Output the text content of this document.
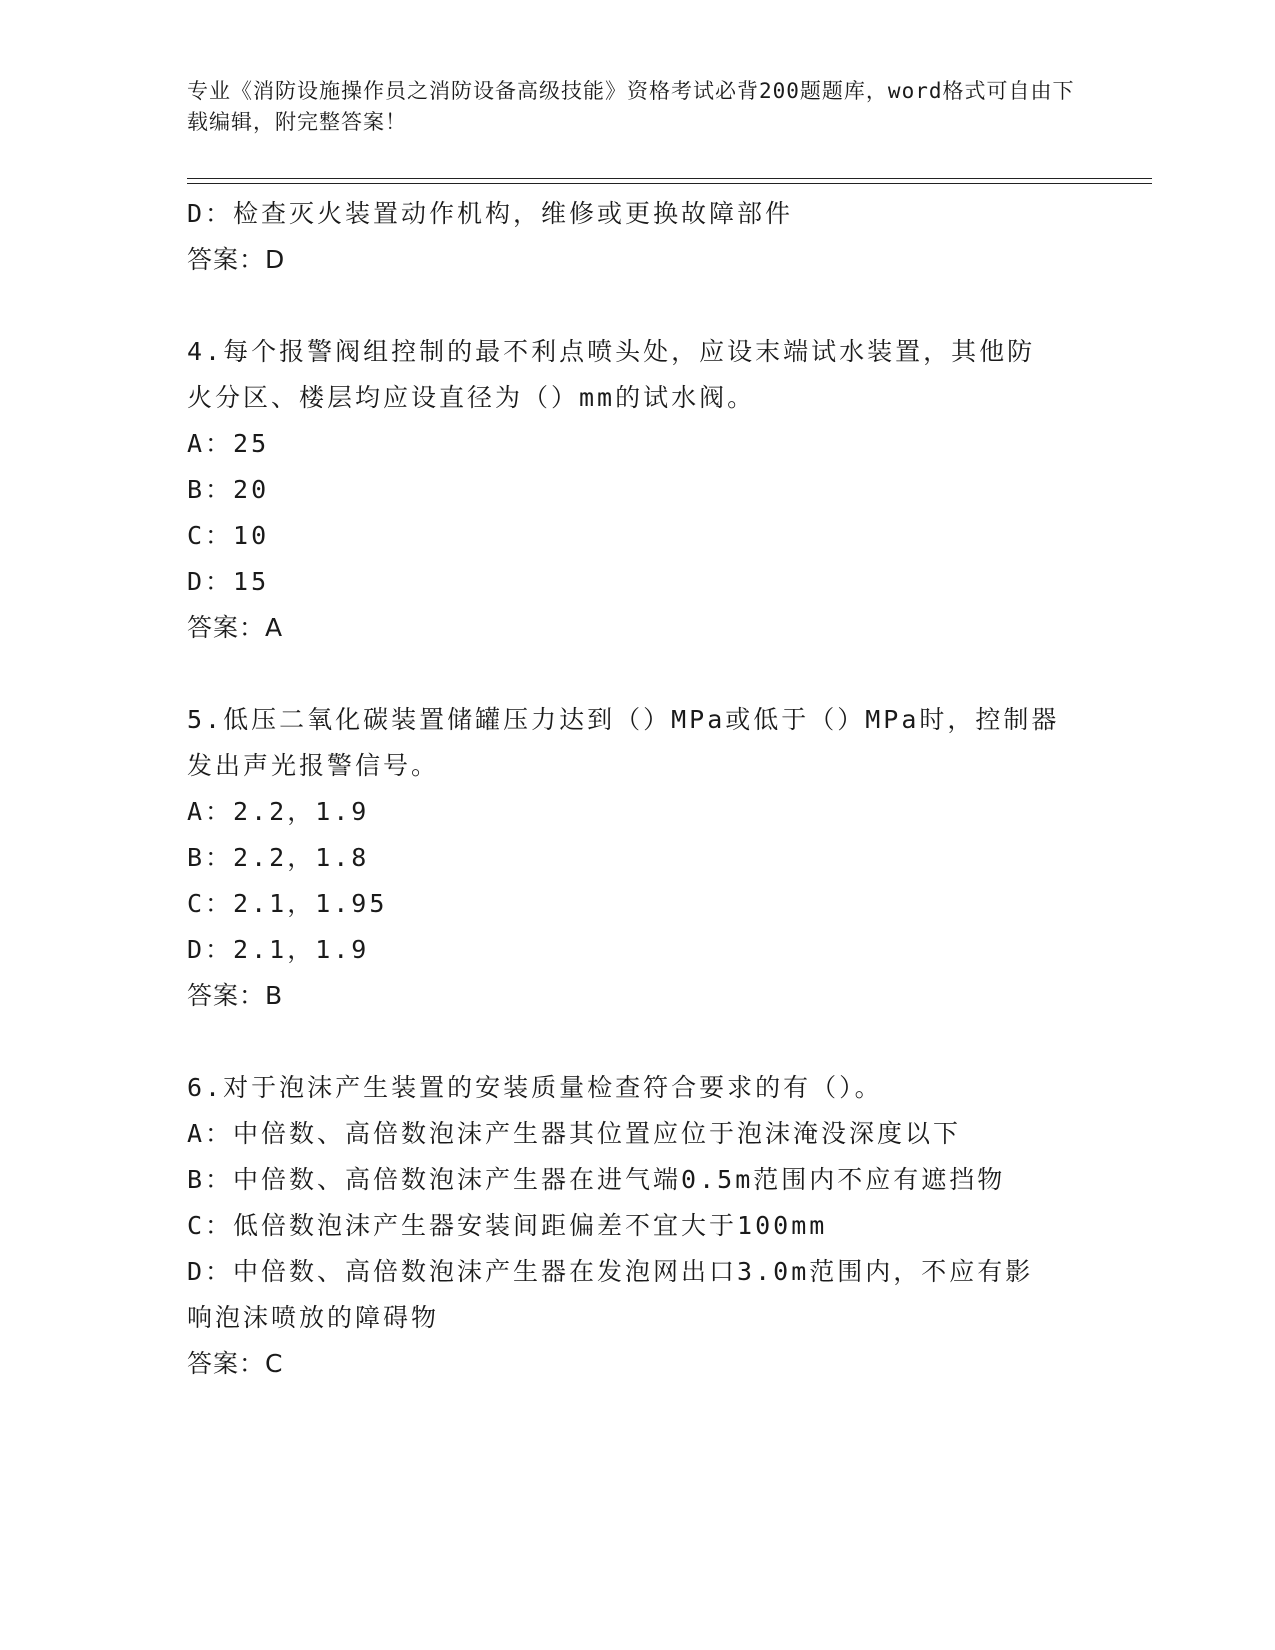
专业《消防设施操作员之消防设备高级技能》资格考试必背200题题库，word格式可自由下载编辑，附完整答案！
D：检查灭火装置动作机构，维修或更换故障部件
答案：D
4.每个报警阀组控制的最不利点喷头处，应设末端试水装置，其他防
火分区、楼层均应设直径为（）mm的试水阀。
A：25
B：20
C：10
D：15
答案：A
5.低压二氧化碳装置储罐压力达到（）MPa或低于（）MPa时，控制器
发出声光报警信号。
A：2.2，1.9
B：2.2，1.8
C：2.1，1.95
D：2.1，1.9
答案：B
6.对于泡沫产生装置的安装质量检查符合要求的有（）。
A：中倍数、高倍数泡沫产生器其位置应位于泡沫淹没深度以下
B：中倍数、高倍数泡沫产生器在进气端0.5m范围内不应有遮挡物
C：低倍数泡沫产生器安装间距偏差不宜大于100mm
D：中倍数、高倍数泡沫产生器在发泡网出口3.0m范围内，不应有影
响泡沫喷放的障碍物
答案：C
